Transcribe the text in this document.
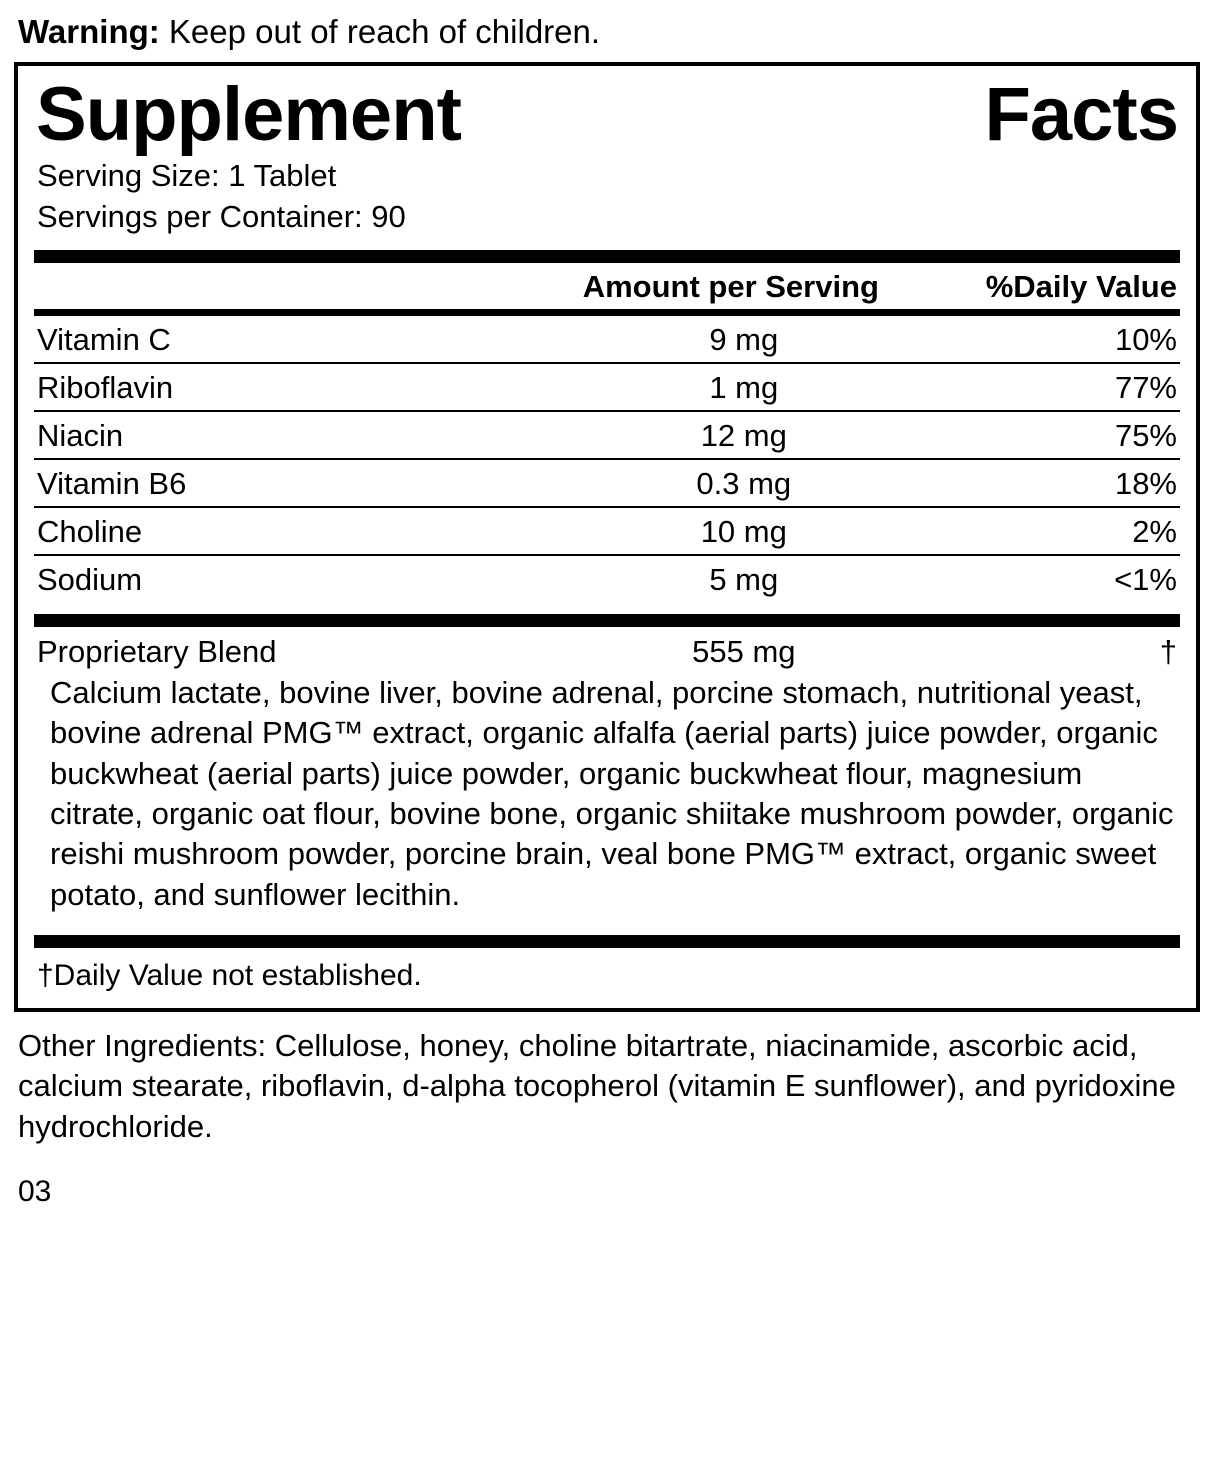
Warning: Keep out of reach of children.
Supplement	Facts
Serving Size: 1 Tablet
Servings per Container: 90
	Amount per Serving	%Daily Value
Vitamin C	9 mg	10%
Riboflavin	1 mg	77%
Niacin	12 mg	75%
Vitamin B6	0.3 mg	18%
Choline	10 mg	2%
Sodium	5 mg	<1%
Proprietary Blend	555 mg	†
Calcium lactate, bovine liver, bovine adrenal, porcine stomach, nutritional yeast, bovine adrenal PMG™ extract, organic alfalfa (aerial parts) juice powder, organic buckwheat (aerial parts) juice powder, organic buckwheat flour, magnesium citrate, organic oat flour, bovine bone, organic shiitake mushroom powder, organic reishi mushroom powder, porcine brain, veal bone PMG™ extract, organic sweet potato, and sunflower lecithin.
†Daily Value not established.
Other Ingredients: Cellulose, honey, choline bitartrate, niacinamide, ascorbic acid, calcium stearate, riboflavin, d-alpha tocopherol (vitamin E sunflower), and pyridoxine hydrochloride.
03
